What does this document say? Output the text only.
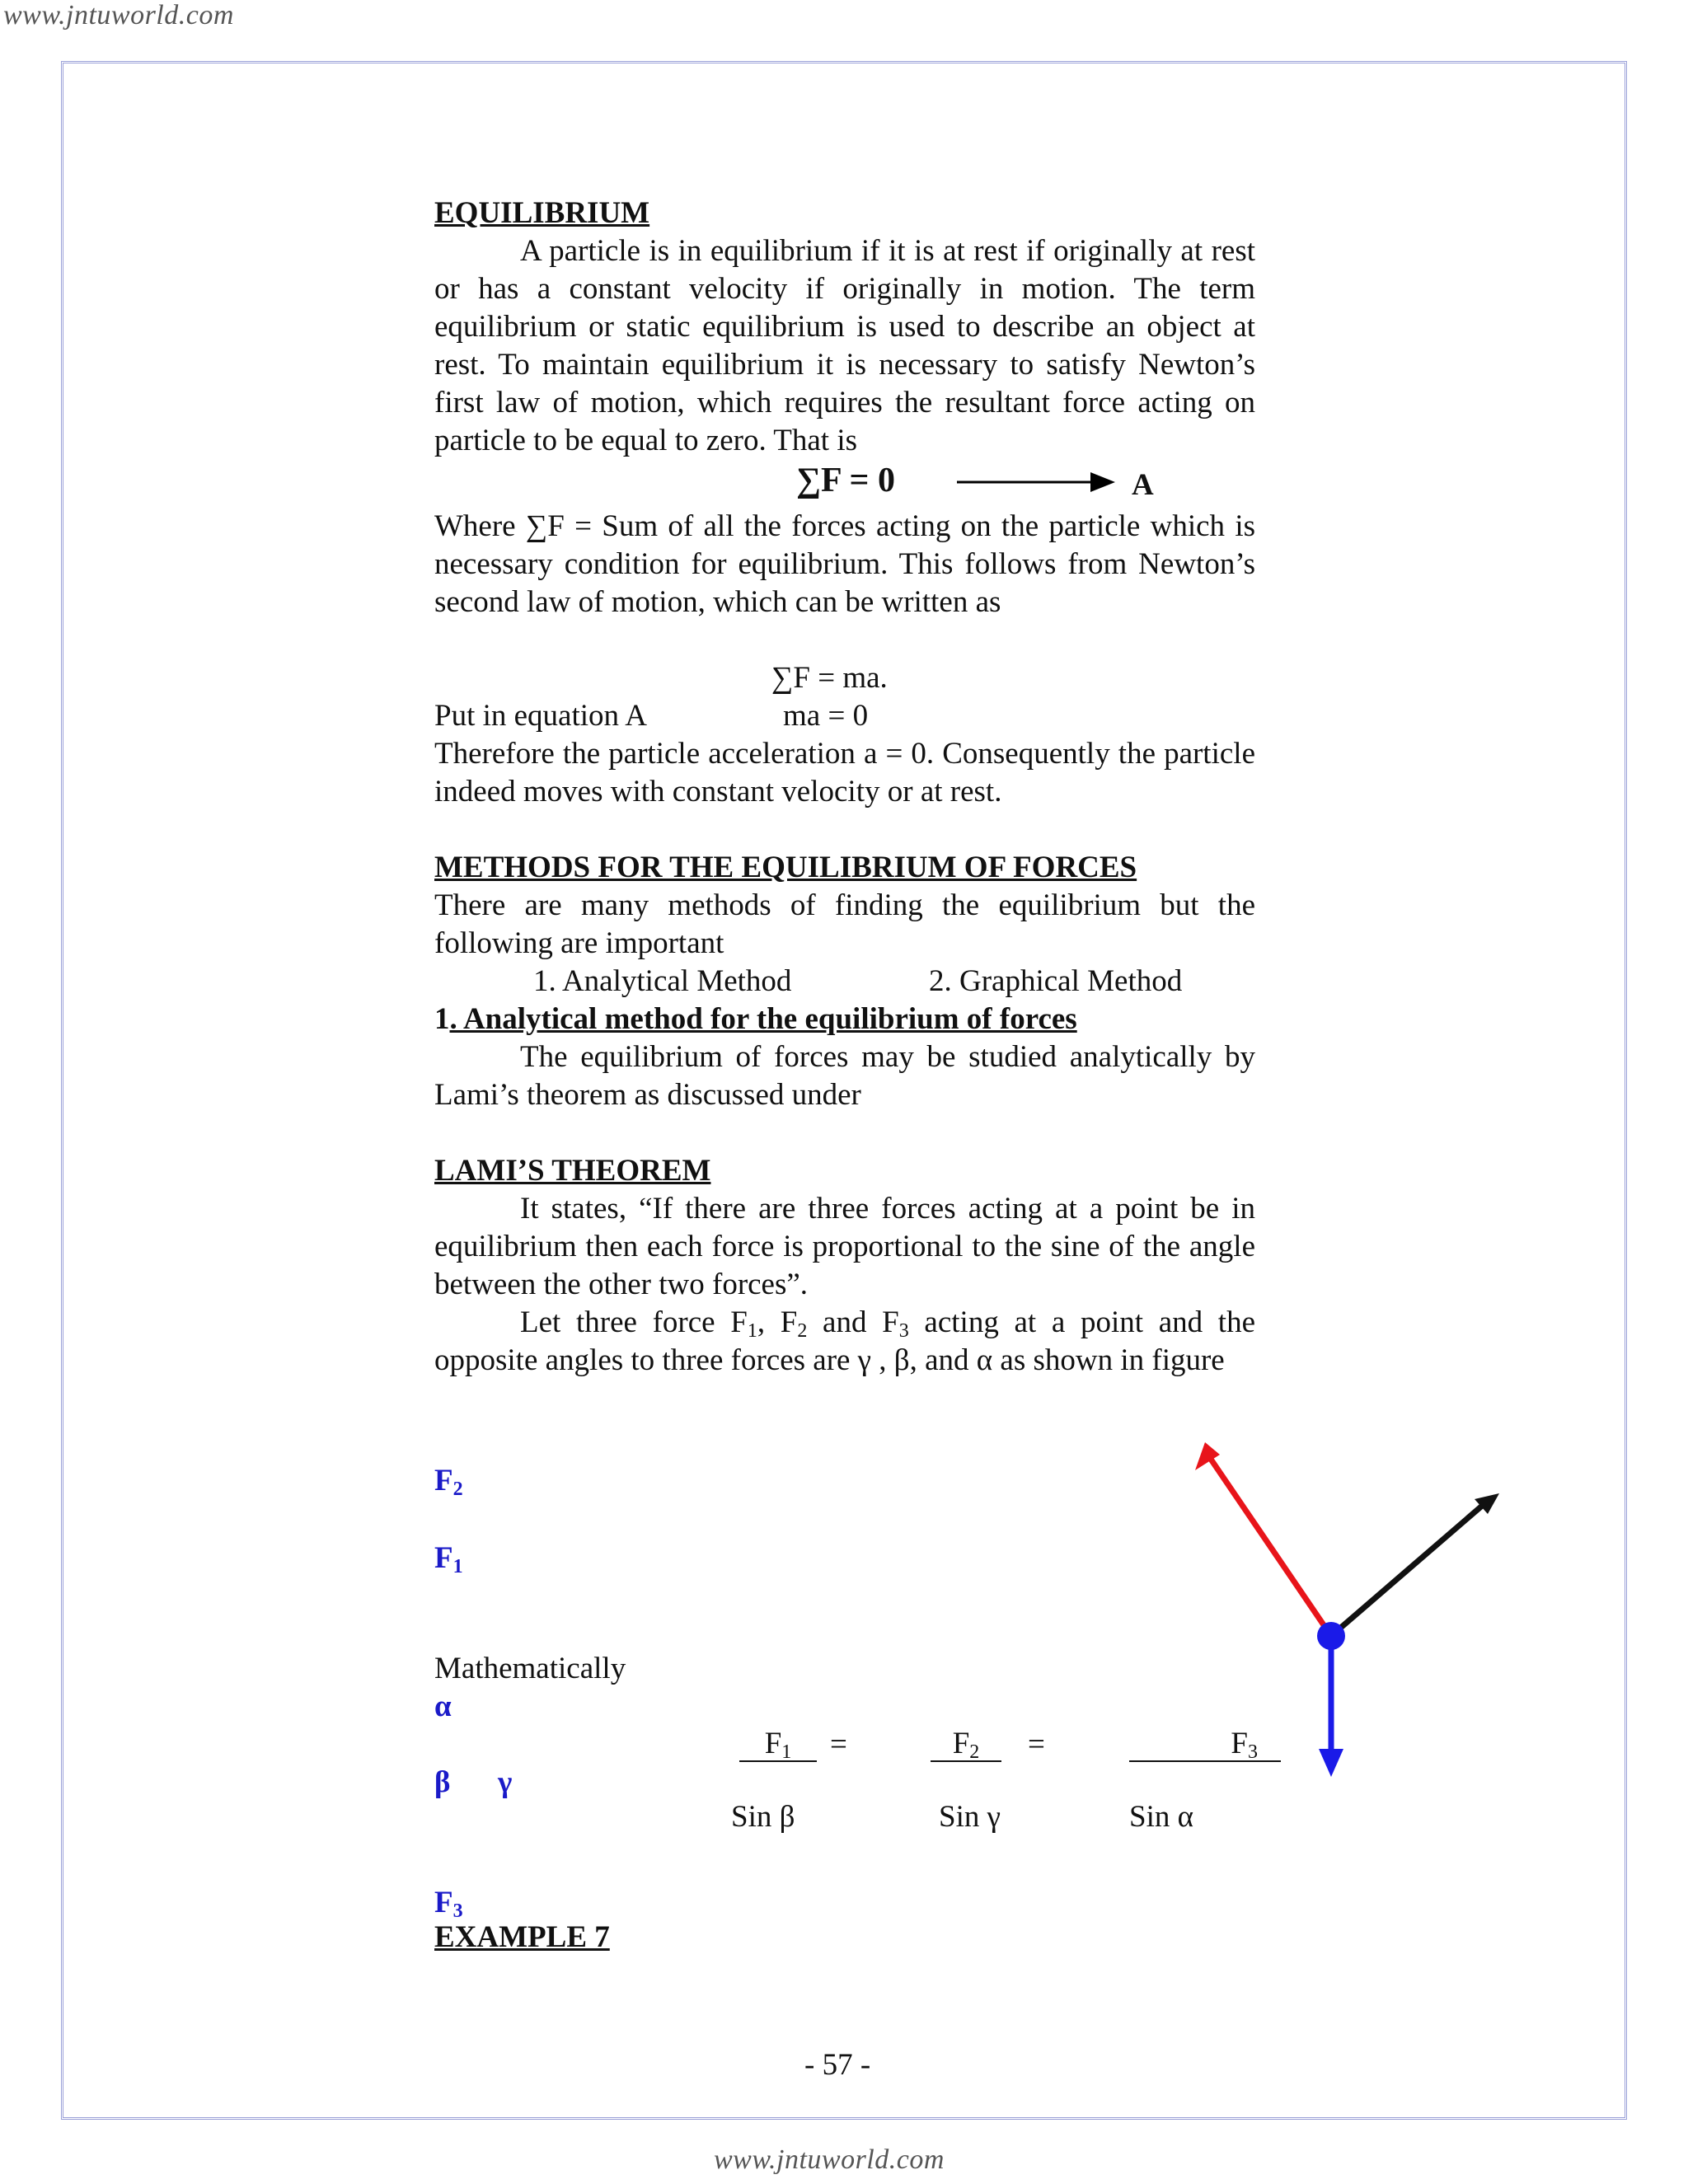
www.jntuworld.com
EQUILIBRIUM

A particle is in equilibrium if it is at rest if originally at rest or has a constant velocity if originally in motion. The term equilibrium or static equilibrium is used to describe an object at rest. To maintain equilibrium it is necessary to satisfy Newton’s first law of motion, which requires the resultant force acting on particle to be equal to zero. That is

∑F = 0	A

Where ∑F = Sum of all the forces acting on the particle which is necessary condition for equilibrium. This follows from Newton’s second law of motion, which can be written as

∑F = ma.
Put in equation A	ma = 0

Therefore the particle acceleration a = 0. Consequently the particle indeed moves with constant velocity or at rest.

METHODS FOR THE EQUILIBRIUM OF FORCES

There are many methods of finding the equilibrium but the following are important

1. Analytical Method	2. Graphical Method
1. Analytical method for the equilibrium of forces

The equilibrium of forces may be studied analytically by Lami’s theorem as discussed under

LAMI’S THEOREM

It states, “If there are three forces acting at a point be in equilibrium then each force is proportional to the sine of the angle between the other two forces”.

Let three force $F_1$, $F_2$ and $F_3$ acting at a point and the opposite angles to three forces are γ , β, and α as shown in figure

$F_2$
$F_1$
Mathematically
α
β γ
$F_3$
$F_1$	=	$F_2$	=	$F_3$
Sin β	Sin γ	Sin α
EXAMPLE 7
- 57 -
www.jntuworld.com
